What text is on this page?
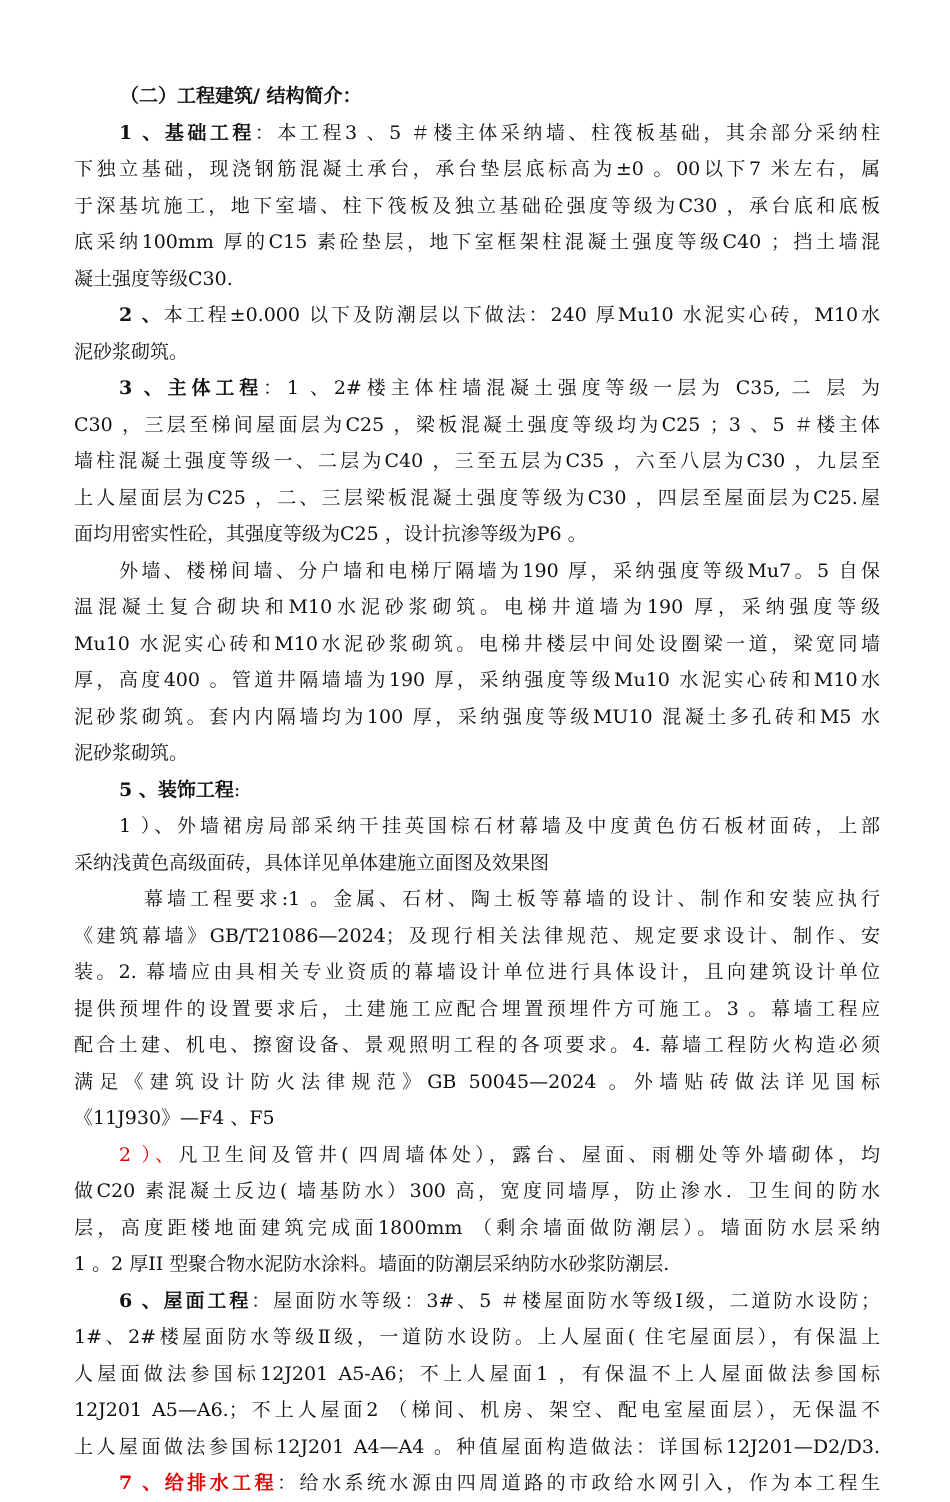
（二）工程建筑/ 结构简介：
1 、基础工程：本工程3 、5 ＃楼主体采纳墙、柱筏板基础，其余部分采纳柱
下独立基础，现浇钢筋混凝土承台，承台垫层底标高为±0 。00以下7 米左右，属
于深基坑施工，地下室墙、柱下筏板及独立基础砼强度等级为C30 ，承台底和底板
底采纳100mm 厚的C15 素砼垫层，地下室框架柱混凝土强度等级C40 ；挡土墙混
凝土强度等级C30.
2 、本工程±0.000 以下及防潮层以下做法：240 厚Mu10 水泥实心砖，M10水
泥砂浆砌筑。
3 、主体工程：1 、2#楼主体柱墙混凝土强度等级一层为 C35, 二 层 为
C30 ，三层至梯间屋面层为C25 ，梁板混凝土强度等级均为C25 ；3 、5 ＃楼主体
墙柱混凝土强度等级一、二层为C40 ，三至五层为C35 ，六至八层为C30 ，九层至
上人屋面层为C25 ，二、三层梁板混凝土强度等级为C30 ，四层至屋面层为C25.屋
面均用密实性砼，其强度等级为C25 ，设计抗渗等级为P6 。
外墙、楼梯间墙、分户墙和电梯厅隔墙为190 厚，采纳强度等级Mu7。5 自保
温混凝土复合砌块和M10水泥砂浆砌筑。电梯井道墙为190 厚，采纳强度等级
Mu10 水泥实心砖和M10水泥砂浆砌筑。电梯井楼层中间处设圈梁一道，梁宽同墙
厚，高度400 。管道井隔墙墙为190 厚，采纳强度等级Mu10 水泥实心砖和M10水
泥砂浆砌筑。套内内隔墙均为100 厚，采纳强度等级MU10 混凝土多孔砖和M5 水
泥砂浆砌筑。
5 、装饰工程:
1 ）、外墙裙房局部采纳干挂英国棕石材幕墙及中度黄色仿石板材面砖，上部
采纳浅黄色高级面砖，具体详见单体建施立面图及效果图
幕墙工程要求:1 。金属、石材、陶土板等幕墙的设计、制作和安装应执行
《建筑幕墙》GB/T21086—2024；及现行相关法律规范、规定要求设计、制作、安
装。2. 幕墙应由具相关专业资质的幕墙设计单位进行具体设计，且向建筑设计单位
提供预埋件的设置要求后，土建施工应配合埋置预埋件方可施工。3 。幕墙工程应
配合土建、机电、擦窗设备、景观照明工程的各项要求。4. 幕墙工程防火构造必须
满足《建筑设计防火法律规范》GB 50045—2024 。外墙贴砖做法详见国标
《11J930》—F4 、F5
2 ）、凡卫生间及管井( 四周墙体处），露台、屋面、雨棚处等外墙砌体，均
做C20 素混凝土反边( 墙基防水）300 高，宽度同墙厚，防止渗水．卫生间的防水
层，高度距楼地面建筑完成面1800mm （剩余墙面做防潮层）。墙面防水层采纳
1 。2 厚II 型聚合物水泥防水涂料。墙面的防潮层采纳防水砂浆防潮层.
6 、屋面工程：屋面防水等级：3#、5 ＃楼屋面防水等级Ⅰ级，二道防水设防；
1#、2#楼屋面防水等级Ⅱ级，一道防水设防。上人屋面( 住宅屋面层），有保温上
人屋面做法参国标12J201 A5-A6；不上人屋面1 ，有保温不上人屋面做法参国标
12J201 A5—A6.；不上人屋面2 （梯间、机房、架空、配电室屋面层），无保温不
上人屋面做法参国标12J201 A4—A4 。种值屋面构造做法：详国标12J201—D2/D3.
7 、给排水工程：给水系统水源由四周道路的市政给水网引入，作为本工程生
